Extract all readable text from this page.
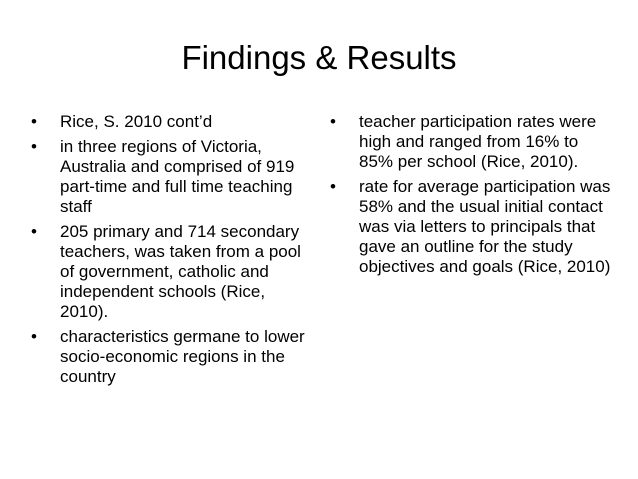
Findings & Results
•	Rice, S. 2010 cont’d
•	in three regions of Victoria, Australia and comprised of 919 part-time and full time teaching staff
•	205 primary and 714 secondary teachers, was taken from a pool of government, catholic and independent schools (Rice, 2010).
•	characteristics germane to lower socio-economic regions in the country
•	teacher participation rates were high and ranged from 16% to 85% per school (Rice, 2010).
•	rate for average participation was 58% and the usual initial contact was via letters to principals that gave an outline for the study objectives and goals (Rice, 2010)
